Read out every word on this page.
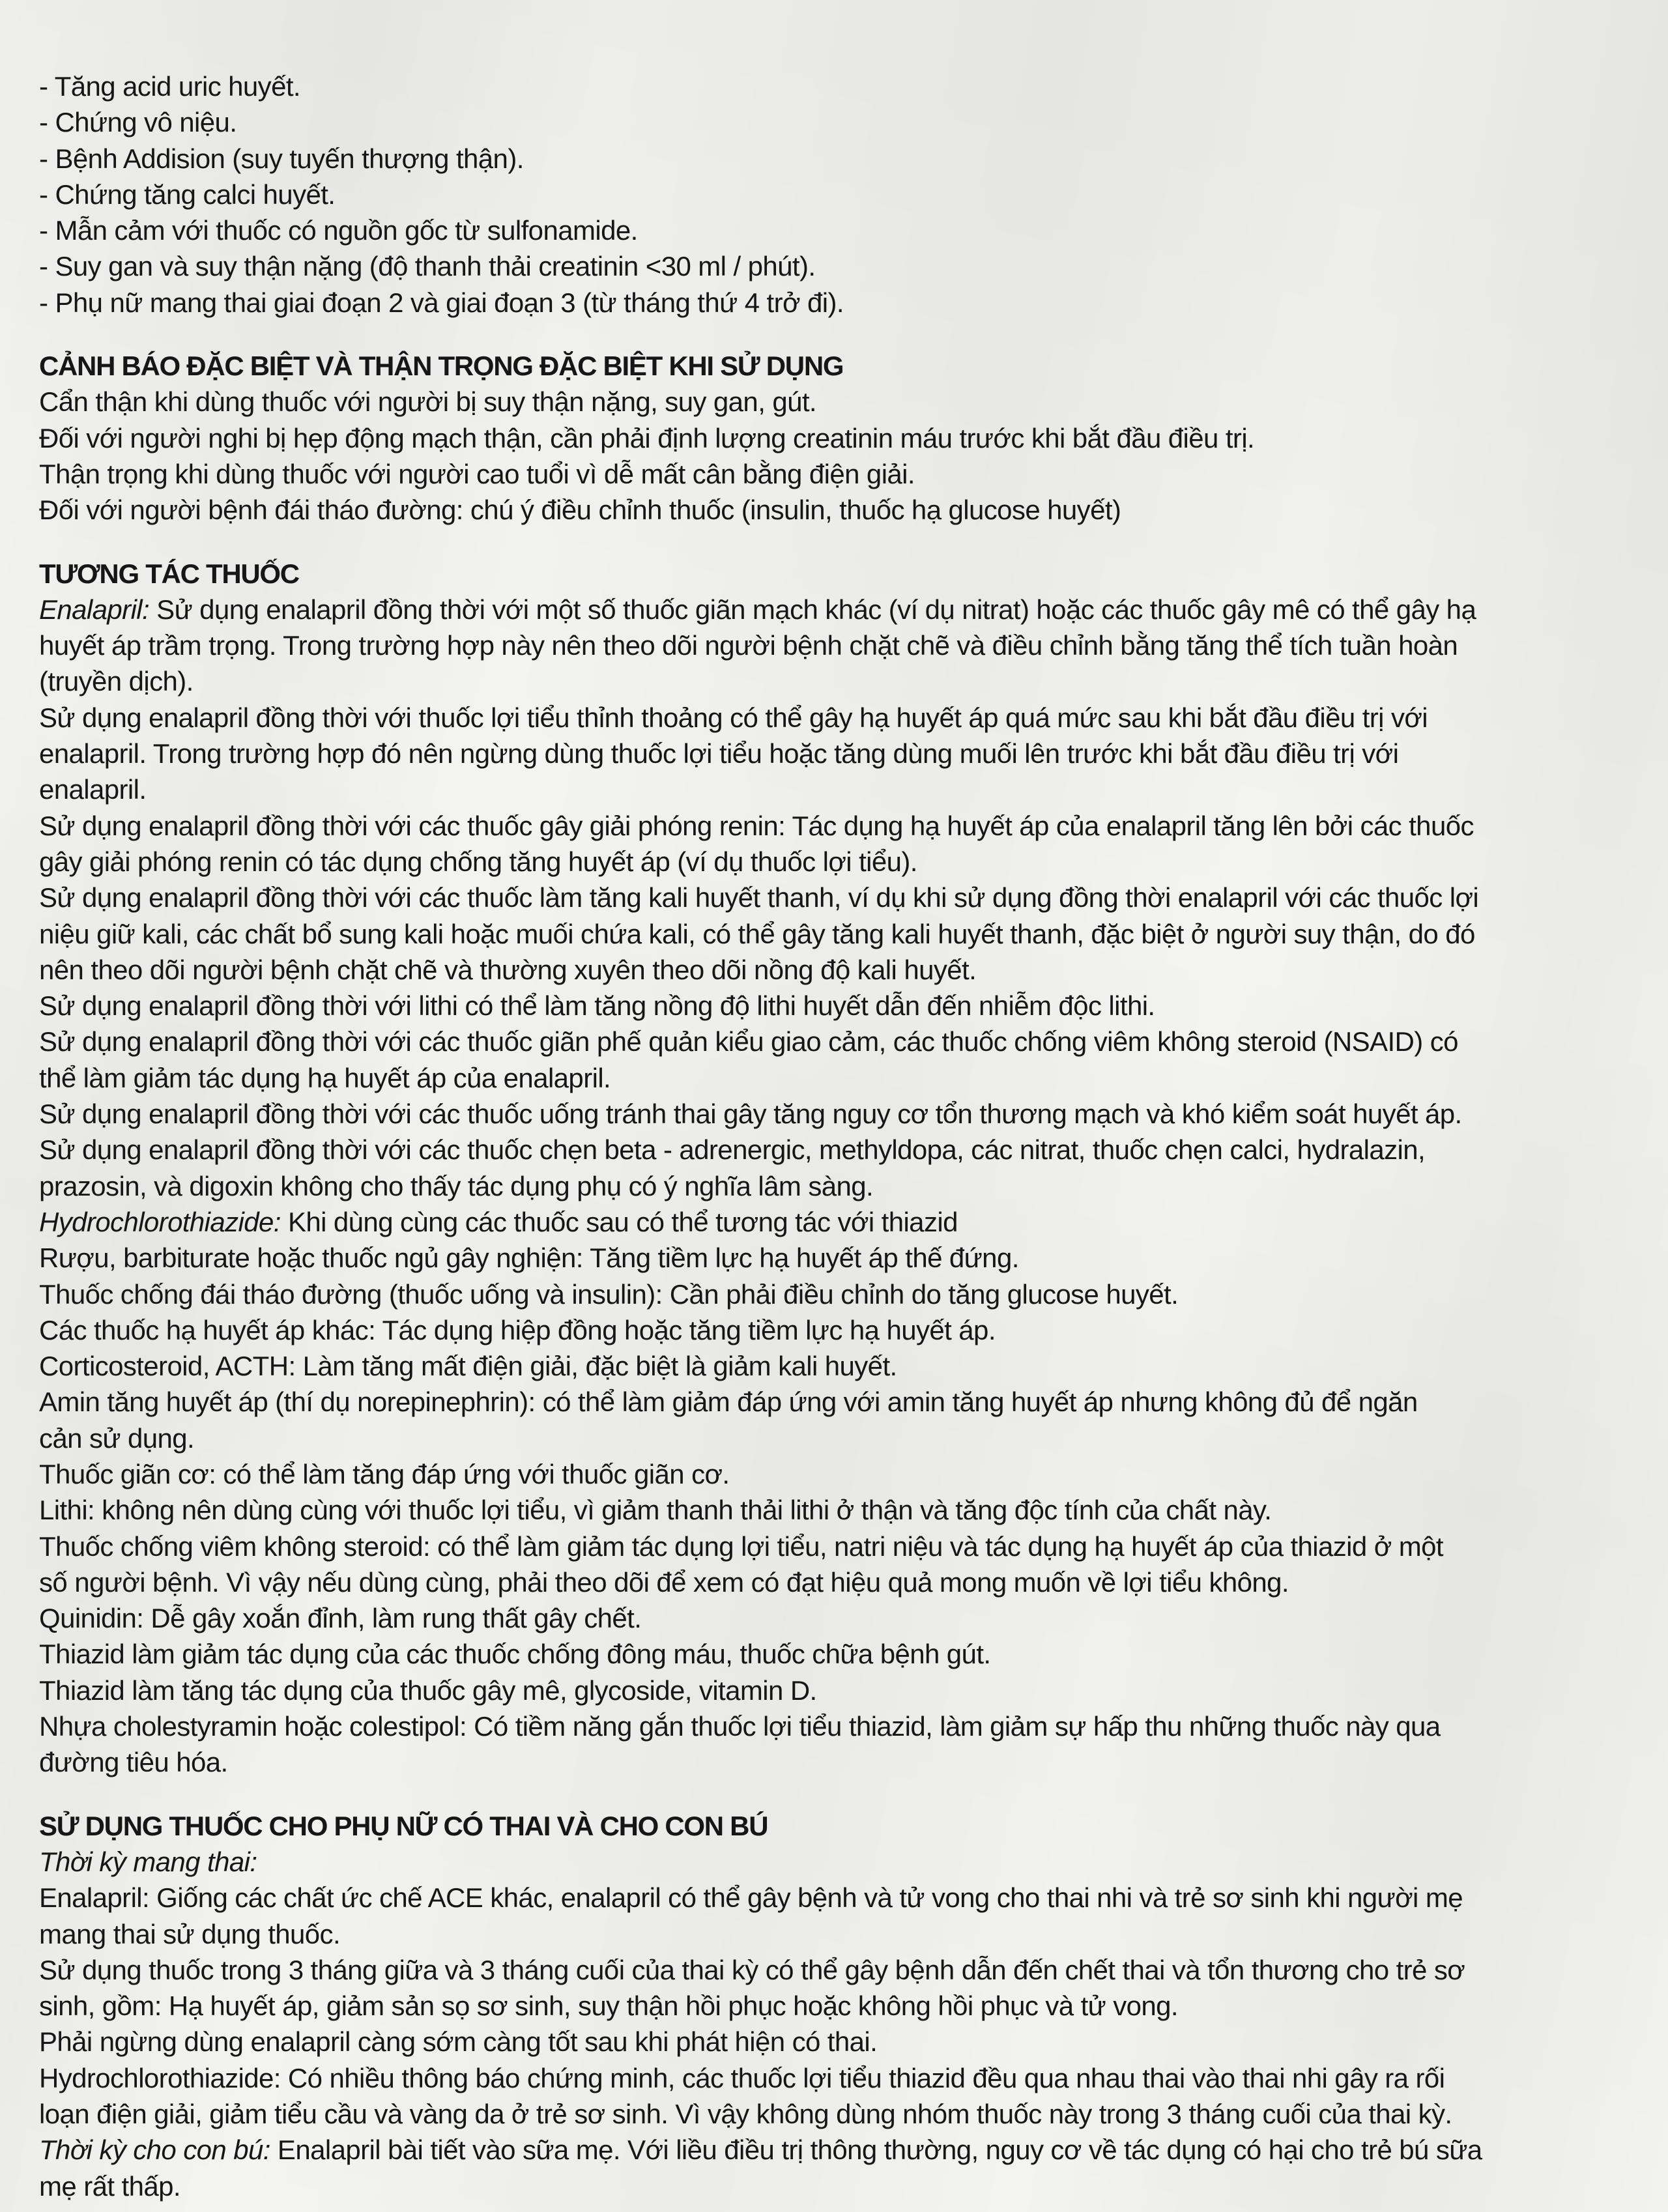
- Tăng acid uric huyết.
- Chứng vô niệu.
- Bệnh Addision (suy tuyến thượng thận).
- Chứng tăng calci huyết.
- Mẫn cảm với thuốc có nguồn gốc từ sulfonamide.
- Suy gan và suy thận nặng (độ thanh thải creatinin <30 ml / phút).
- Phụ nữ mang thai giai đoạn 2 và giai đoạn 3 (từ tháng thứ 4 trở đi).
CẢNH BÁO ĐẶC BIỆT VÀ THẬN TRỌNG ĐẶC BIỆT KHI SỬ DỤNG
Cẩn thận khi dùng thuốc với người bị suy thận nặng, suy gan, gút.
Đối với người nghi bị hẹp động mạch thận, cần phải định lượng creatinin máu trước khi bắt đầu điều trị.
Thận trọng khi dùng thuốc với người cao tuổi vì dễ mất cân bằng điện giải.
Đối với người bệnh đái tháo đường: chú ý điều chỉnh thuốc (insulin, thuốc hạ glucose huyết)
TƯƠNG TÁC THUỐC
Enalapril: Sử dụng enalapril đồng thời với một số thuốc giãn mạch khác (ví dụ nitrat) hoặc các thuốc gây mê có thể gây hạ
huyết áp trầm trọng. Trong trường hợp này nên theo dõi người bệnh chặt chẽ và điều chỉnh bằng tăng thể tích tuần hoàn
(truyền dịch).
Sử dụng enalapril đồng thời với thuốc lợi tiểu thỉnh thoảng có thể gây hạ huyết áp quá mức sau khi bắt đầu điều trị với
enalapril. Trong trường hợp đó nên ngừng dùng thuốc lợi tiểu hoặc tăng dùng muối lên trước khi bắt đầu điều trị với
enalapril.
Sử dụng enalapril đồng thời với các thuốc gây giải phóng renin: Tác dụng hạ huyết áp của enalapril tăng lên bởi các thuốc
gây giải phóng renin có tác dụng chống tăng huyết áp (ví dụ thuốc lợi tiểu).
Sử dụng enalapril đồng thời với các thuốc làm tăng kali huyết thanh, ví dụ khi sử dụng đồng thời enalapril với các thuốc lợi
niệu giữ kali, các chất bổ sung kali hoặc muối chứa kali, có thể gây tăng kali huyết thanh, đặc biệt ở người suy thận, do đó
nên theo dõi người bệnh chặt chẽ và thường xuyên theo dõi nồng độ kali huyết.
Sử dụng enalapril đồng thời với lithi có thể làm tăng nồng độ lithi huyết dẫn đến nhiễm độc lithi.
Sử dụng enalapril đồng thời với các thuốc giãn phế quản kiểu giao cảm, các thuốc chống viêm không steroid (NSAID) có
thể làm giảm tác dụng hạ huyết áp của enalapril.
Sử dụng enalapril đồng thời với các thuốc uống tránh thai gây tăng nguy cơ tổn thương mạch và khó kiểm soát huyết áp.
Sử dụng enalapril đồng thời với các thuốc chẹn beta - adrenergic, methyldopa, các nitrat, thuốc chẹn calci, hydralazin,
prazosin, và digoxin không cho thấy tác dụng phụ có ý nghĩa lâm sàng.
Hydrochlorothiazide: Khi dùng cùng các thuốc sau có thể tương tác với thiazid
Rượu, barbiturate hoặc thuốc ngủ gây nghiện: Tăng tiềm lực hạ huyết áp thế đứng.
Thuốc chống đái tháo đường (thuốc uống và insulin): Cần phải điều chỉnh do tăng glucose huyết.
Các thuốc hạ huyết áp khác: Tác dụng hiệp đồng hoặc tăng tiềm lực hạ huyết áp.
Corticosteroid, ACTH: Làm tăng mất điện giải, đặc biệt là giảm kali huyết.
Amin tăng huyết áp (thí dụ norepinephrin): có thể làm giảm đáp ứng với amin tăng huyết áp nhưng không đủ để ngăn
cản sử dụng.
Thuốc giãn cơ: có thể làm tăng đáp ứng với thuốc giãn cơ.
Lithi: không nên dùng cùng với thuốc lợi tiểu, vì giảm thanh thải lithi ở thận và tăng độc tính của chất này.
Thuốc chống viêm không steroid: có thể làm giảm tác dụng lợi tiểu, natri niệu và tác dụng hạ huyết áp của thiazid ở một
số người bệnh. Vì vậy nếu dùng cùng, phải theo dõi để xem có đạt hiệu quả mong muốn về lợi tiểu không.
Quinidin: Dễ gây xoắn đỉnh, làm rung thất gây chết.
Thiazid làm giảm tác dụng của các thuốc chống đông máu, thuốc chữa bệnh gút.
Thiazid làm tăng tác dụng của thuốc gây mê, glycoside, vitamin D.
Nhựa cholestyramin hoặc colestipol: Có tiềm năng gắn thuốc lợi tiểu thiazid, làm giảm sự hấp thu những thuốc này qua
đường tiêu hóa.
SỬ DỤNG THUỐC CHO PHỤ NỮ CÓ THAI VÀ CHO CON BÚ
Thời kỳ mang thai:
Enalapril: Giống các chất ức chế ACE khác, enalapril có thể gây bệnh và tử vong cho thai nhi và trẻ sơ sinh khi người mẹ
mang thai sử dụng thuốc.
Sử dụng thuốc trong 3 tháng giữa và 3 tháng cuối của thai kỳ có thể gây bệnh dẫn đến chết thai và tổn thương cho trẻ sơ
sinh, gồm: Hạ huyết áp, giảm sản sọ sơ sinh, suy thận hồi phục hoặc không hồi phục và tử vong.
Phải ngừng dùng enalapril càng sớm càng tốt sau khi phát hiện có thai.
Hydrochlorothiazide: Có nhiều thông báo chứng minh, các thuốc lợi tiểu thiazid đều qua nhau thai vào thai nhi gây ra rối
loạn điện giải, giảm tiểu cầu và vàng da ở trẻ sơ sinh. Vì vậy không dùng nhóm thuốc này trong 3 tháng cuối của thai kỳ.
Thời kỳ cho con bú: Enalapril bài tiết vào sữa mẹ. Với liều điều trị thông thường, nguy cơ về tác dụng có hại cho trẻ bú sữa
mẹ rất thấp.
